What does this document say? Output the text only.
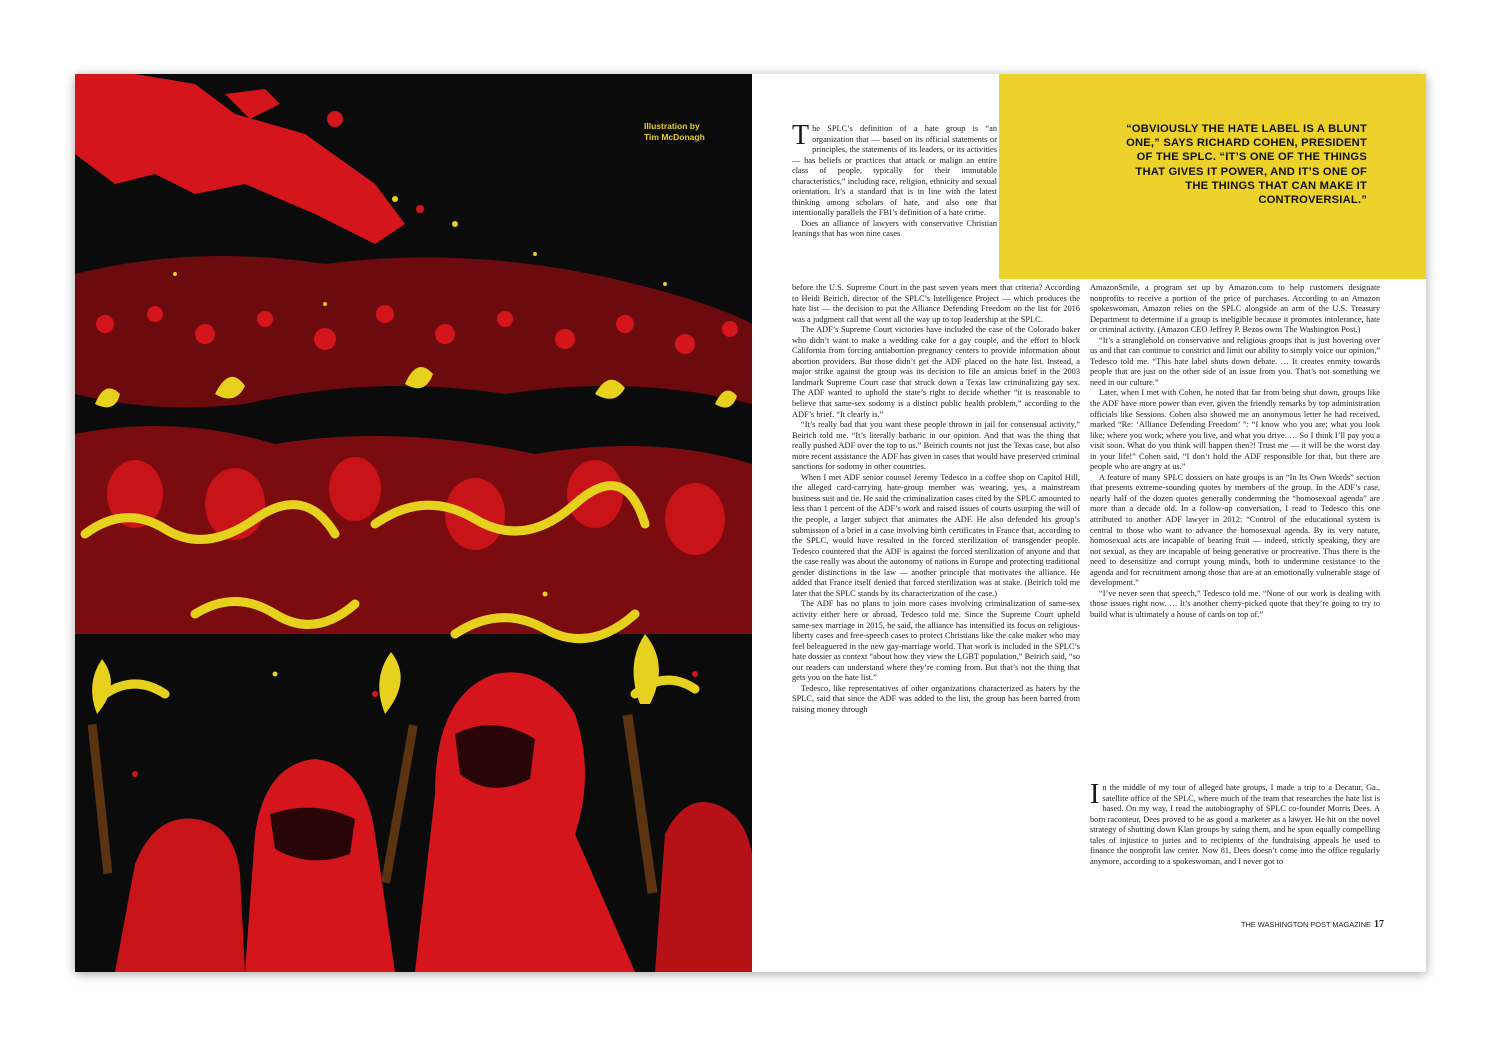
Illustration by
Tim McDonagh
“OBVIOUSLY THE HATE LABEL IS A BLUNT ONE,” SAYS RICHARD COHEN, PRESIDENT OF THE SPLC. “IT’S ONE OF THE THINGS THAT GIVES IT POWER, AND IT’S ONE OF THE THINGS THAT CAN MAKE IT CONTROVERSIAL.”

The SPLC’s definition of a hate group is “an organization that — based on its official statements or principles, the statements of its leaders, or its activities — has beliefs or practices that attack or malign an entire class of people, typically for their immutable characteristics,” including race, religion, ethnicity and sexual orientation. It’s a standard that is in line with the latest thinking among scholars of hate, and also one that intentionally parallels the FBI’s definition of a hate crime.

Does an alliance of lawyers with conservative Christian leanings that has won nine cases

before the U.S. Supreme Court in the past seven years meet that criteria? According to Heidi Beirich, director of the SPLC’s Intelligence Project — which produces the hate list — the decision to put the Alliance Defending Freedom on the list for 2016 was a judgment call that went all the way up to top leadership at the SPLC.

The ADF’s Supreme Court victories have included the case of the Colorado baker who didn’t want to make a wedding cake for a gay couple, and the effort to block California from forcing antiabortion pregnancy centers to provide information about abortion providers. But those didn’t get the ADF placed on the hate list. Instead, a major strike against the group was its decision to file an amicus brief in the 2003 landmark Supreme Court case that struck down a Texas law criminalizing gay sex. The ADF wanted to uphold the state’s right to decide whether “it is reasonable to believe that same-sex sodomy is a distinct public health problem,” according to the ADF’s brief. “It clearly is.”

“It’s really bad that you want these people thrown in jail for consensual activity,” Beirich told me. “It’s literally barbaric in our opinion. And that was the thing that really pushed ADF over the top to us.” Beirich counts not just the Texas case, but also more recent assistance the ADF has given in cases that would have preserved criminal sanctions for sodomy in other countries.

When I met ADF senior counsel Jeremy Tedesco in a coffee shop on Capitol Hill, the alleged card-carrying hate-group member was wearing, yes, a mainstream business suit and tie. He said the criminalization cases cited by the SPLC amounted to less than 1 percent of the ADF’s work and raised issues of courts usurping the will of the people, a larger subject that animates the ADF. He also defended his group’s submission of a brief in a case involving birth certificates in France that, according to the SPLC, would have resulted in the forced sterilization of transgender people. Tedesco countered that the ADF is against the forced sterilization of anyone and that the case really was about the autonomy of nations in Europe and protecting traditional gender distinctions in the law — another principle that motivates the alliance. He added that France itself denied that forced sterilization was at stake. (Beirich told me later that the SPLC stands by its characterization of the case.)

The ADF has no plans to join more cases involving criminalization of same-sex activity either here or abroad, Tedesco told me. Since the Supreme Court upheld same-sex marriage in 2015, he said, the alliance has intensified its focus on religious-liberty cases and free-speech cases to protect Christians like the cake maker who may feel beleaguered in the new gay-marriage world. That work is included in the SPLC’s hate dossier as context “about how they view the LGBT population,” Beirich said, “so our readers can understand where they’re coming from. But that’s not the thing that gets you on the hate list.”

Tedesco, like representatives of other organizations characterized as haters by the SPLC, said that since the ADF was added to the list, the group has been barred from raising money through

AmazonSmile, a program set up by Amazon.com to help customers designate nonprofits to receive a portion of the price of purchases. According to an Amazon spokeswoman, Amazon relies on the SPLC alongside an arm of the U.S. Treasury Department to determine if a group is ineligible because it promotes intolerance, hate or criminal activity. (Amazon CEO Jeffrey P. Bezos owns The Washington Post.)

“It’s a stranglehold on conservative and religious groups that is just hovering over us and that can continue to constrict and limit our ability to simply voice our opinion,” Tedesco told me. “This hate label shuts down debate. … It creates enmity towards people that are just on the other side of an issue from you. That’s not something we need in our culture.”

Later, when I met with Cohen, he noted that far from being shut down, groups like the ADF have more power than ever, given the friendly remarks by top administration officials like Sessions. Cohen also showed me an anonymous letter he had received, marked “Re: ‘Alliance Defending Freedom’ ”: “I know who you are; what you look like; where you work; where you live, and what you drive. … So I think I’ll pay you a visit soon. What do you think will happen then?! Trust me — it will be the worst day in your life!” Cohen said, “I don’t hold the ADF responsible for that, but there are people who are angry at us.”

A feature of many SPLC dossiers on hate groups is an “In Its Own Words” section that presents extreme-sounding quotes by members of the group. In the ADF’s case, nearly half of the dozen quotes generally condemning the “homosexual agenda” are more than a decade old. In a follow-up conversation, I read to Tedesco this one attributed to another ADF lawyer in 2012: “Control of the educational system is central to those who want to advance the homosexual agenda. By its very nature, homosexual acts are incapable of bearing fruit — indeed, strictly speaking, they are not sexual, as they are incapable of being generative or procreative. Thus there is the need to desensitize and corrupt young minds, both to undermine resistance to the agenda and for recruitment among those that are at an emotionally vulnerable stage of development.”

“I’ve never seen that speech,” Tedesco told me. “None of our work is dealing with those issues right now. … It’s another cherry-picked quote that they’re going to try to build what is ultimately a house of cards on top of.”

In the middle of my tour of alleged hate groups, I made a trip to a Decatur, Ga., satellite office of the SPLC, where much of the team that researches the hate list is based. On my way, I read the autobiography of SPLC co-founder Morris Dees. A born raconteur, Dees proved to be as good a marketer as a lawyer. He hit on the novel strategy of shutting down Klan groups by suing them, and he spun equally compelling tales of injustice to juries and to recipients of the fundraising appeals he used to finance the nonprofit law center. Now 81, Dees doesn’t come into the office regularly anymore, according to a spokeswoman, and I never got to

THE WASHINGTON POST MAGAZINE 17
